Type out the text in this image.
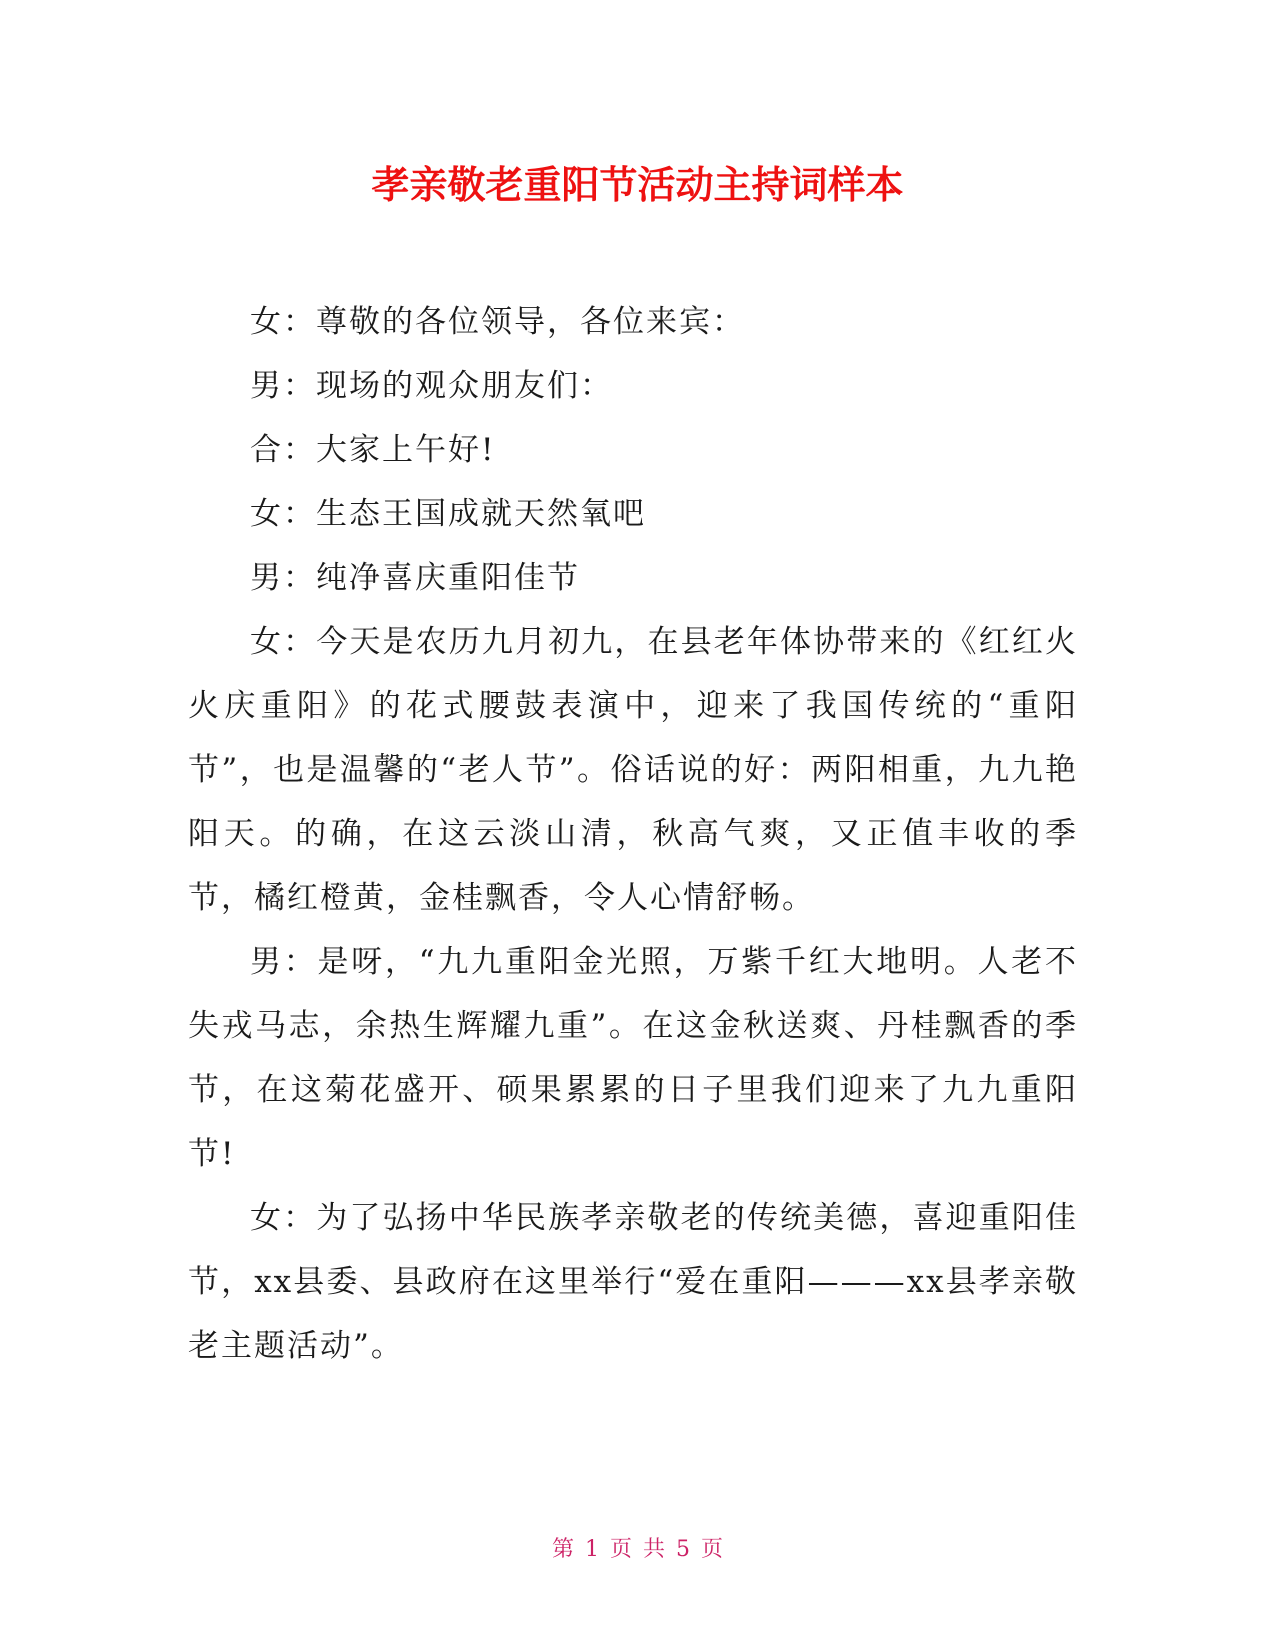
孝亲敬老重阳节活动主持词样本

女：尊敬的各位领导，各位来宾：

男：现场的观众朋友们：

合：大家上午好!

女：生态王国成就天然氧吧

男：纯净喜庆重阳佳节

女：今天是农历九月初九，在县老年体协带来的《红红火火庆重阳》的花式腰鼓表演中，迎来了我国传统的“重阳节”，也是温馨的“老人节”。俗话说的好：两阳相重，九九艳阳天。的确，在这云淡山清，秋高气爽，又正值丰收的季节，橘红橙黄，金桂飘香，令人心情舒畅。

男：是呀，“九九重阳金光照，万紫千红大地明。人老不失戎马志，余热生辉耀九重”。在这金秋送爽、丹桂飘香的季节，在这菊花盛开、硕果累累的日子里我们迎来了九九重阳节!

女：为了弘扬中华民族孝亲敬老的传统美德，喜迎重阳佳节，xx县委、县政府在这里举行“爱在重阳———xx县孝亲敬老主题活动”。

第 1 页 共 5 页
